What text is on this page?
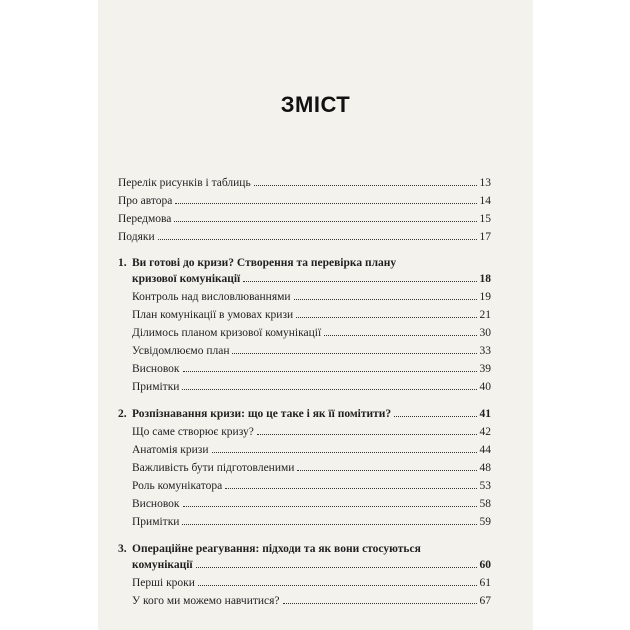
ЗМІСТ
Перелік рисунків і таблиць	13
Про автора	14
Передмова	15
Подяки	17
1. Ви готові до кризи? Створення та перевірка плану
кризової комунікації	18
Контроль над висловлюваннями	19
План комунікації в умовах кризи	21
Ділимось планом кризової комунікації	30
Усвідомлюємо план	33
Висновок	39
Примітки	40
2. Розпізнавання кризи: що це таке і як її помітити?	41
Що саме створює кризу?	42
Анатомія кризи	44
Важливість бути підготовленими	48
Роль комунікатора	53
Висновок	58
Примітки	59
3. Операційне реагування: підходи та як вони стосуються
комунікації	60
Перші кроки	61
У кого ми можемо навчитися?	67
